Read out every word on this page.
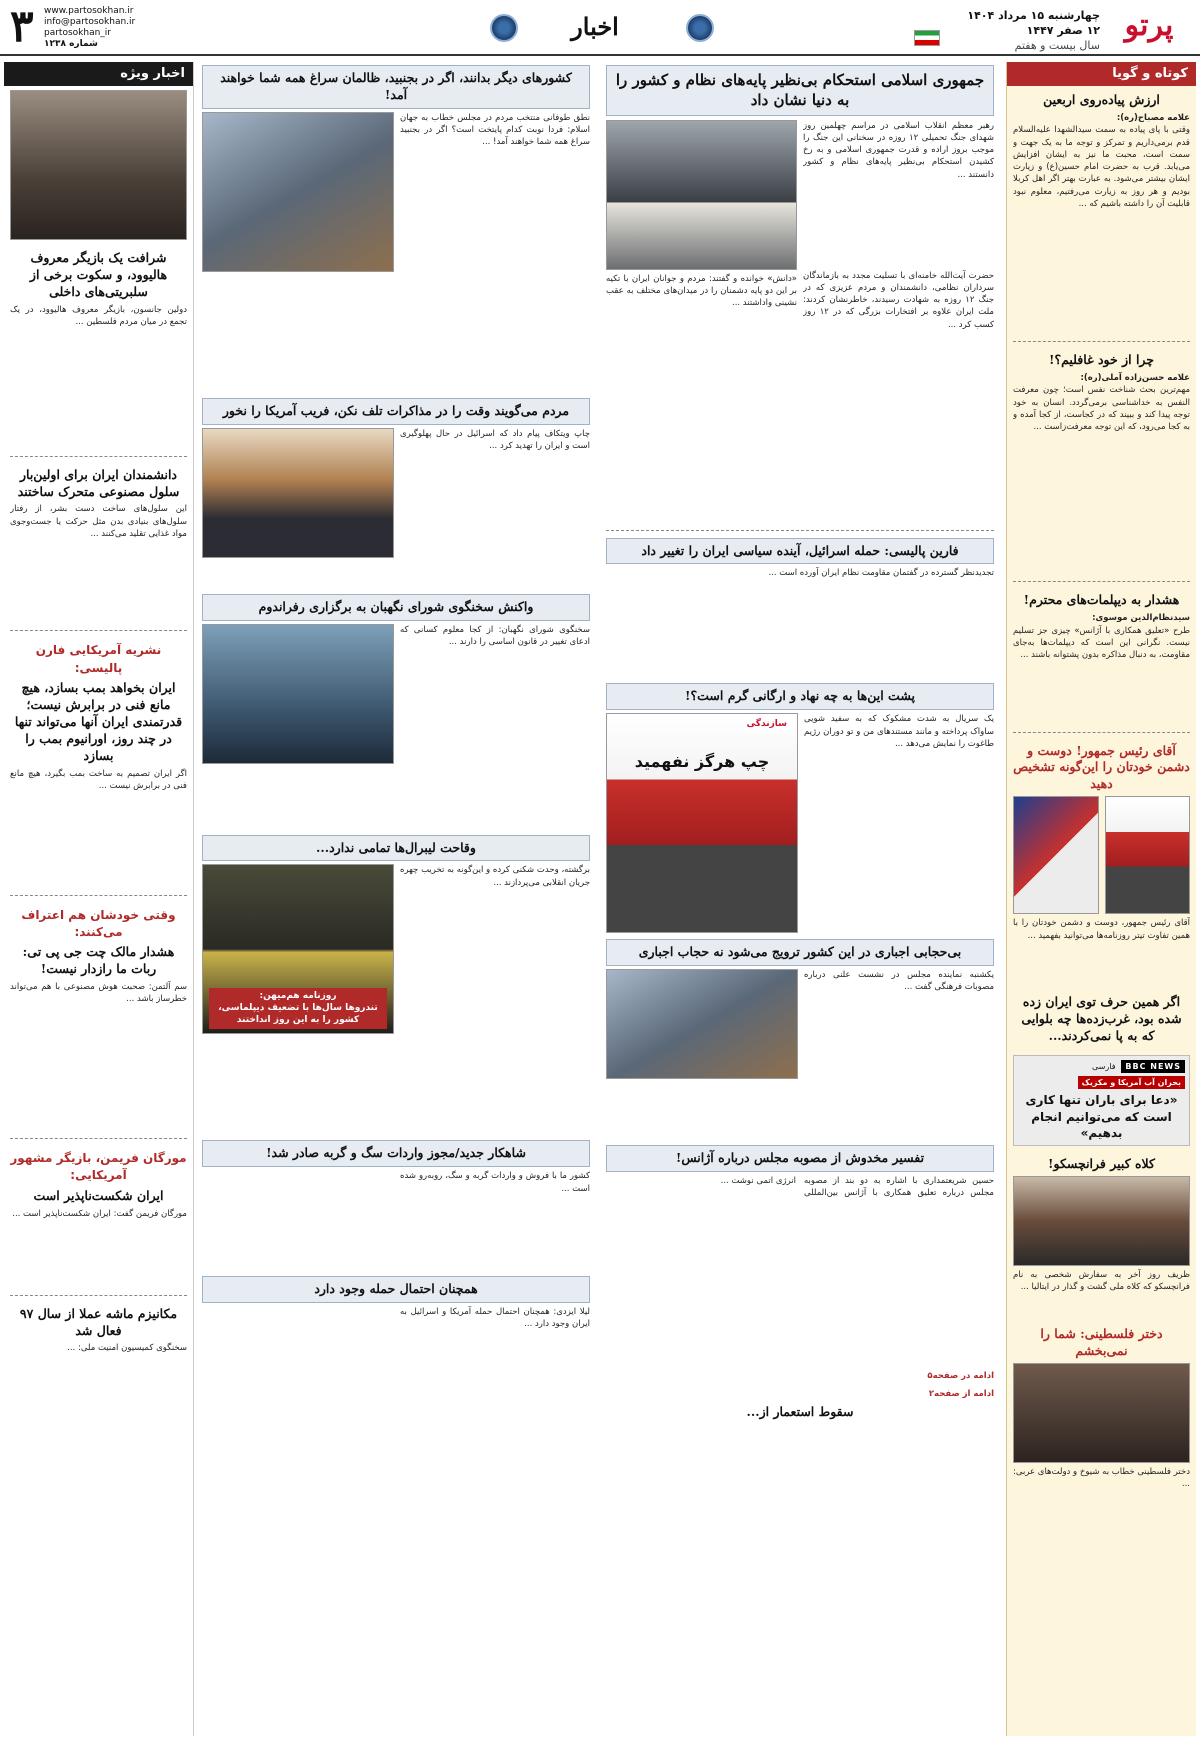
پرتو
چهارشنبه ۱۵ مرداد ۱۴۰۴
۱۲ صفر ۱۴۴۷
سال بیست و هفتم
اخبار
www.partosokhan.ir
info@partosokhan.ir
partosokhan_ir
شماره ۱۲۳۸
۳
کوتاه و گویا
ارزش پیاده‌روی اربعین
علامه مصباح(ره):
وقتی با پای پیاده به سمت سیدالشهدا علیه‌السلام قدم برمی‌داریم و تمرکز و توجه ما به یک جهت و سمت است، محبت ما نیز به ایشان افزایش می‌یابد. قرب به حضرت امام حسین(ع) و زیارت ایشان بیشتر می‌شود. به عبارت بهتر اگر اهل کربلا بودیم و هر روز به زیارت می‌رفتیم، معلوم نبود قابلیت آن را داشته باشیم که ...
چرا از خود غافلیم؟!
علامه حسن‌زاده آملی(ره):
مهم‌ترین بحث شناخت نفس است؛ چون معرفت النفس به خداشناسی برمی‌گردد. انسان به خود توجه پیدا کند و ببیند که در کجاست، از کجا آمده و به کجا می‌رود، که این توجه معرفت‌زاست ...
هشدار به دیپلمات‌های محترم!
سیدنظام‌الدین موسوی:
طرح «تعلیق همکاری با آژانس» چیزی جز تسلیم نیست. نگرانی این است که دیپلمات‌ها به‌جای مقاومت، به دنبال مذاکره بدون پشتوانه باشند ...
آقای رئیس جمهور! دوست و دشمن خودتان را این‌گونه تشخیص دهید
آقای رئیس جمهور، دوست و دشمن خودتان را با همین تفاوت تیتر روزنامه‌ها می‌توانید بفهمید ...
اگر همین حرف توی ایران زده شده بود، غرب‌زده‌ها چه بلوایی که به پا نمی‌کردند...
BBC NEWS فارسی
بحران آب آمریکا و مکزیک
«دعا برای باران تنها کاری است که می‌توانیم انجام بدهیم»
کلاه کبیر فرانچسکو!
ظریف روز آخر به سفارش شخصی به نام فرانچسکو که کلاه ملی گشت و گذار در ایتالیا ...
دختر فلسطینی: شما را نمی‌بخشم
دختر فلسطینی خطاب به شیوخ و دولت‌های عربی: ...
جمهوری اسلامی استحکام بی‌نظیر پایه‌های نظام و کشور را به دنیا نشان داد
رهبر معظم انقلاب اسلامی در مراسم چهلمین روز شهدای جنگ تحمیلی ۱۲ روزه در سخنانی این جنگ را موجب بروز اراده و قدرت جمهوری اسلامی و به رخ کشیدن استحکام بی‌نظیر پایه‌های نظام و کشور دانستند ...
حضرت آیت‌الله خامنه‌ای با تسلیت مجدد به بازماندگان سرداران نظامی، دانشمندان و مردم عزیزی که در جنگ ۱۲ روزه به شهادت رسیدند، خاطرنشان کردند: ملت ایران علاوه بر افتخارات بزرگی که در ۱۲ روز کسب کرد ...
«دانش» خوانده و گفتند: مردم و جوانان ایران با تکیه بر این دو پایه دشمنان را در میدان‌های مختلف به عقب نشینی واداشتند ...
فارین پالیسی: حمله اسرائیل، آینده سیاسی ایران را تغییر داد
تجدیدنظر گسترده در گفتمان مقاومت نظام ایران آورده است ...
پشت این‌ها به چه نهاد و ارگانی گرم است؟!
یک سریال به شدت مشکوک که به سفید شویی ساواک پرداخته و مانند مستندهای من و تو دوران رژیم طاغوت را نمایش می‌دهد ...
سازندگی
چپ هرگز نفهمید
بی‌حجابی اجباری در این کشور ترویج می‌شود نه حجاب اجباری
یکشنبه نماینده مجلس در نشست علنی درباره مصوبات فرهنگی گفت ...
تفسیر مخدوش از مصوبه مجلس درباره آژانس!
حسین شریعتمداری با اشاره به دو بند از مصوبه مجلس درباره تعلیق همکاری با آژانس بین‌المللی انرژی اتمی نوشت ...
ادامه در صفحه۵
ادامه از صفحه۲
سقوط استعمار از...
کشورهای دیگر بدانند، اگر در بجنبید، ظالمان سراغ همه شما خواهند آمد!
نطق طوفانی منتخب مردم در مجلس خطاب به جهان اسلام: فردا نوبت کدام پایتخت است؟ اگر در بجنبید سراغ همه شما خواهند آمد! ...
مردم می‌گویند وقت را در مذاکرات تلف نکن، فریب آمریکا را نخور
چاپ ویتکاف پیام داد که اسرائیل در حال پهلوگیری است و ایران را تهدید کرد ...
واکنش سخنگوی شورای نگهبان به برگزاری رفراندوم
سخنگوی شورای نگهبان: از کجا معلوم کسانی که ادعای تغییر در قانون اساسی را دارند ...
وقاحت لیبرال‌ها تمامی ندارد...
برگشته، وحدت شکنی کرده و این‌گونه به تخریب چهره جریان انقلابی می‌پردازند ...
روزنامه هم‌میهن:
تندروها سال‌ها با تضعیف دیپلماسی، کشور را به این روز انداختند
شاهکار جدید/مجوز واردات سگ و گربه صادر شد!
کشور ما با فروش و واردات گربه و سگ، روبه‌رو شده است ...
همچنان احتمال حمله وجود دارد
لیلا ایزدی: همچنان احتمال حمله آمریکا و اسرائیل به ایران وجود دارد ...
اخبار ویژه
شرافت یک بازیگر معروف هالیوود، و سکوت برخی از سلبریتی‌های داخلی
دولین جانسون، بازیگر معروف هالیوود، در یک تجمع در میان مردم فلسطین ...
دانشمندان ایران برای اولین‌بار سلول مصنوعی متحرک ساختند
این سلول‌های ساخت دست بشر، از رفتار سلول‌های بنیادی بدن مثل حرکت یا جست‌وجوی مواد غذایی تقلید می‌کنند ...
نشریه آمریکایی فارن پالیسی:
ایران بخواهد بمب بسازد، هیچ مانع فنی در برابرش نیست؛ قدرتمندی ایران آنها می‌تواند تنها در چند روز، اورانیوم بمب را بسازد
اگر ایران تصمیم به ساخت بمب بگیرد، هیچ مانع فنی در برابرش نیست ...
وقتی خودشان هم اعتراف می‌کنند:
هشدار مالک چت جی پی تی: ربات ما رازدار نیست!
سم آلتمن: صحبت هوش مصنوعی با هم می‌تواند خطرساز باشد ...
مورگان فریمن، بازیگر مشهور آمریکایی:
ایران شکست‌ناپذیر است
مورگان فریمن گفت: ایران شکست‌ناپذیر است ...
مکانیزم ماشه عملا از سال ۹۷ فعال شد
سخنگوی کمیسیون امنیت ملی: ...
